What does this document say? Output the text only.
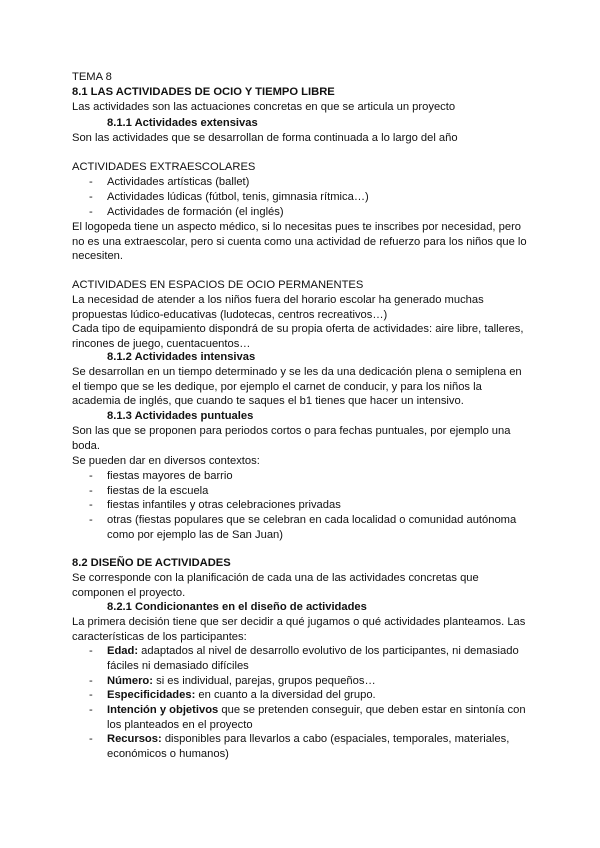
TEMA 8

8.1 LAS ACTIVIDADES DE OCIO Y TIEMPO LIBRE

Las actividades son las actuaciones concretas en que se articula un proyecto

8.1.1 Actividades extensivas

Son las actividades que se desarrollan de forma continuada a lo largo del año

ACTIVIDADES EXTRAESCOLARES

- Actividades artísticas (ballet)

- Actividades lúdicas (fútbol, tenis, gimnasia rítmica…)

- Actividades de formación (el inglés)

El logopeda tiene un aspecto médico, si lo necesitas pues te inscribes por necesidad, pero no es una extraescolar, pero si cuenta como una actividad de refuerzo para los niños que lo necesiten.

ACTIVIDADES EN ESPACIOS DE OCIO PERMANENTES

La necesidad de atender a los niños fuera del horario escolar ha generado muchas propuestas lúdico-educativas (ludotecas, centros recreativos…)

Cada tipo de equipamiento dispondrá de su propia oferta de actividades: aire libre, talleres, rincones de juego, cuentacuentos…

8.1.2 Actividades intensivas

Se desarrollan en un tiempo determinado y se les da una dedicación plena o semiplena en el tiempo que se les dedique, por ejemplo el carnet de conducir, y para los niños la academia de inglés, que cuando te saques el b1 tienes que hacer un intensivo.

8.1.3 Actividades puntuales

Son las que se proponen para periodos cortos o para fechas puntuales, por ejemplo una boda.

Se pueden dar en diversos contextos:

- fiestas mayores de barrio

- fiestas de la escuela

- fiestas infantiles y otras celebraciones privadas

- otras (fiestas populares que se celebran en cada localidad o comunidad autónoma como por ejemplo las de San Juan)

8.2 DISEÑO DE ACTIVIDADES

Se corresponde con la planificación de cada una de las actividades concretas que componen el proyecto.

8.2.1 Condicionantes en el diseño de actividades

La primera decisión tiene que ser decidir a qué jugamos o qué actividades planteamos. Las características de los participantes:

- Edad: adaptados al nivel de desarrollo evolutivo de los participantes, ni demasiado fáciles ni demasiado difíciles

- Número: si es individual, parejas, grupos pequeños…

- Especificidades: en cuanto a la diversidad del grupo.

- Intención y objetivos que se pretenden conseguir, que deben estar en sintonía con los planteados en el proyecto

- Recursos: disponibles para llevarlos a cabo (espaciales, temporales, materiales, económicos o humanos)
